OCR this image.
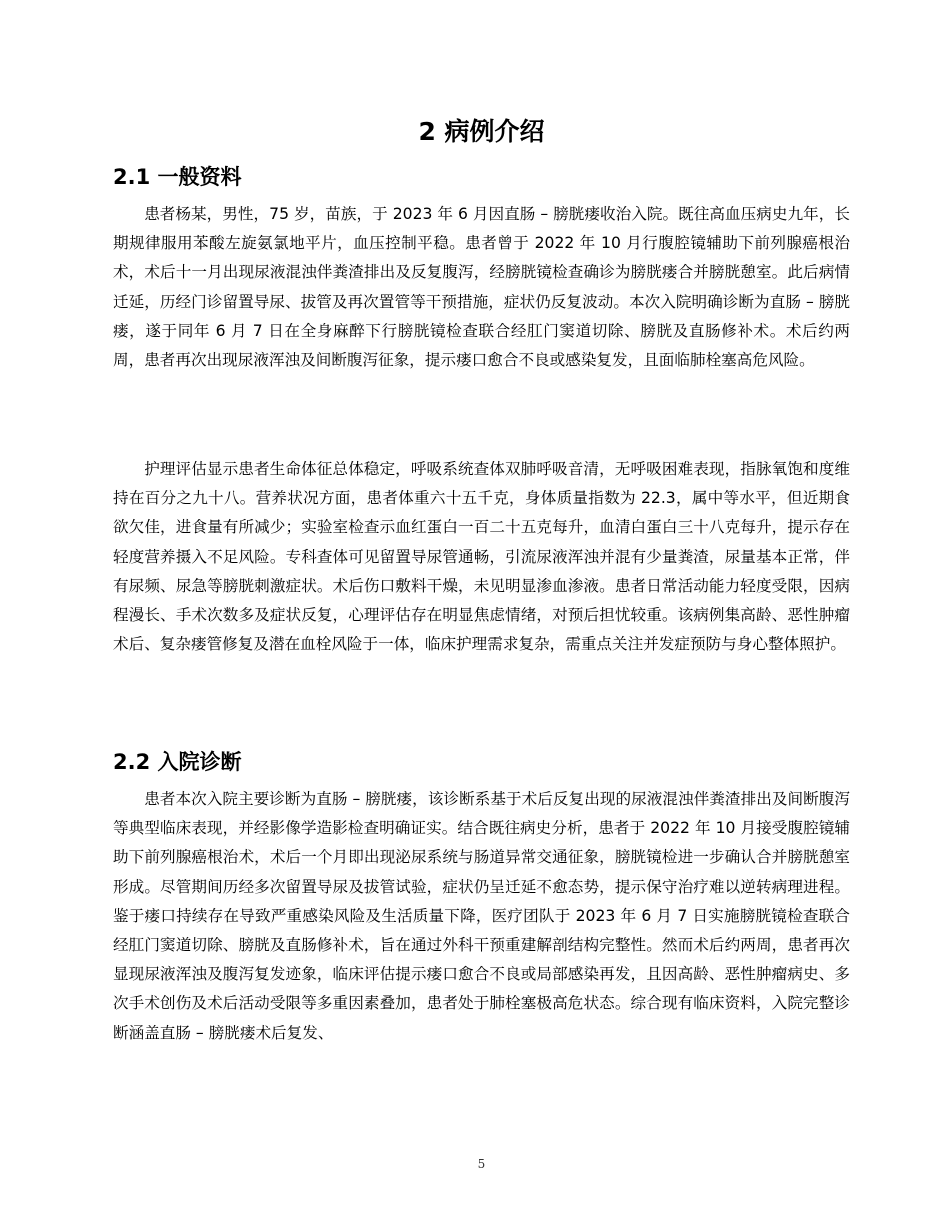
2 病例介绍
2.1 一般资料

患者杨某，男性，75 岁，苗族，于 2023 年 6 月因直肠 – 膀胱瘘收治入院。既往高血压病史九年，长期规律服用苯酸左旋氨氯地平片，血压控制平稳。患者曾于 2022 年 10 月行腹腔镜辅助下前列腺癌根治术，术后十一月出现尿液混浊伴粪渣排出及反复腹泻，经膀胱镜检查确诊为膀胱瘘合并膀胱憩室。此后病情迁延，历经门诊留置导尿、拔管及再次置管等干预措施，症状仍反复波动。本次入院明确诊断为直肠 – 膀胱瘘，遂于同年 6 月 7 日在全身麻醉下行膀胱镜检查联合经肛门窦道切除、膀胱及直肠修补术。术后约两周，患者再次出现尿液浑浊及间断腹泻征象，提示瘘口愈合不良或感染复发，且面临肺栓塞高危风险。

护理评估显示患者生命体征总体稳定，呼吸系统查体双肺呼吸音清，无呼吸困难表现，指脉氧饱和度维持在百分之九十八。营养状况方面，患者体重六十五千克，身体质量指数为 22.3，属中等水平，但近期食欲欠佳，进食量有所减少；实验室检查示血红蛋白一百二十五克每升，血清白蛋白三十八克每升，提示存在轻度营养摄入不足风险。专科查体可见留置导尿管通畅，引流尿液浑浊并混有少量粪渣，尿量基本正常，伴有尿频、尿急等膀胱刺激症状。术后伤口敷料干燥，未见明显渗血渗液。患者日常活动能力轻度受限，因病程漫长、手术次数多及症状反复，心理评估存在明显焦虑情绪，对预后担忧较重。该病例集高龄、恶性肿瘤术后、复杂瘘管修复及潜在血栓风险于一体，临床护理需求复杂，需重点关注并发症预防与身心整体照护。

2.2 入院诊断

患者本次入院主要诊断为直肠 – 膀胱瘘，该诊断系基于术后反复出现的尿液混浊伴粪渣排出及间断腹泻等典型临床表现，并经影像学造影检查明确证实。结合既往病史分析，患者于 2022 年 10 月接受腹腔镜辅助下前列腺癌根治术，术后一个月即出现泌尿系统与肠道异常交通征象，膀胱镜检进一步确认合并膀胱憩室形成。尽管期间历经多次留置导尿及拔管试验，症状仍呈迁延不愈态势，提示保守治疗难以逆转病理进程。鉴于瘘口持续存在导致严重感染风险及生活质量下降，医疗团队于 2023 年 6 月 7 日实施膀胱镜检查联合经肛门窦道切除、膀胱及直肠修补术，旨在通过外科干预重建解剖结构完整性。然而术后约两周，患者再次显现尿液浑浊及腹泻复发迹象，临床评估提示瘘口愈合不良或局部感染再发，且因高龄、恶性肿瘤病史、多次手术创伤及术后活动受限等多重因素叠加，患者处于肺栓塞极高危状态。综合现有临床资料，入院完整诊断涵盖直肠 – 膀胱瘘术后复发、

5
